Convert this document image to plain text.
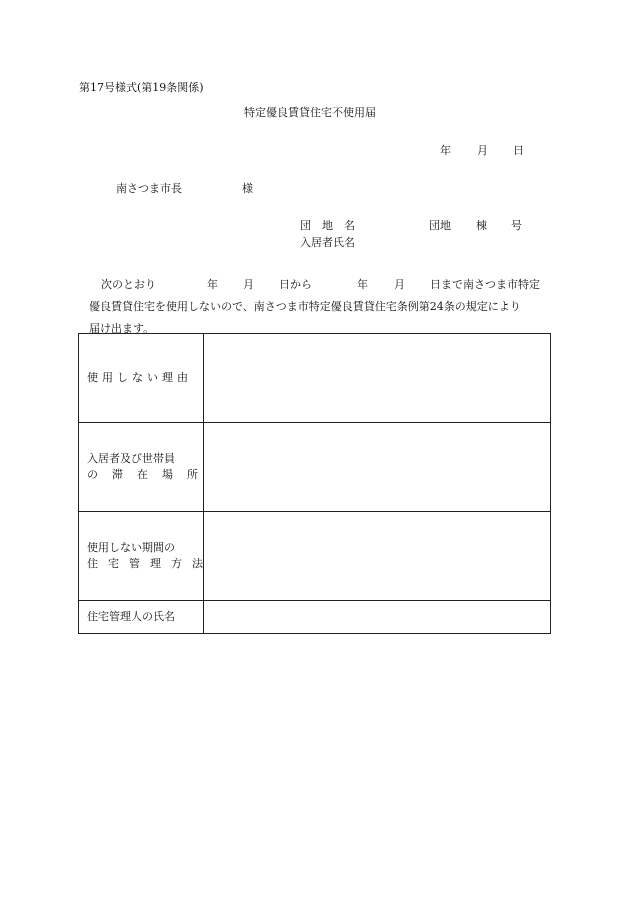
第17号様式(第19条関係)
特定優良賃貸住宅不使用届
年 月 日
南さつま市長	様
団　地　名	団地 棟 号
入居者氏名
次のとおり	年 月 日から	年 月 日まで南さつま市特定
優良賃貸住宅を使用しないので、南さつま市特定優良賃貸住宅条例第24条の規定により
届け出ます。
使用しない理由	

入居者及び世帯員
の滞在場所	

使用しない期間の
住宅管理方法	

住宅管理人の氏名	
